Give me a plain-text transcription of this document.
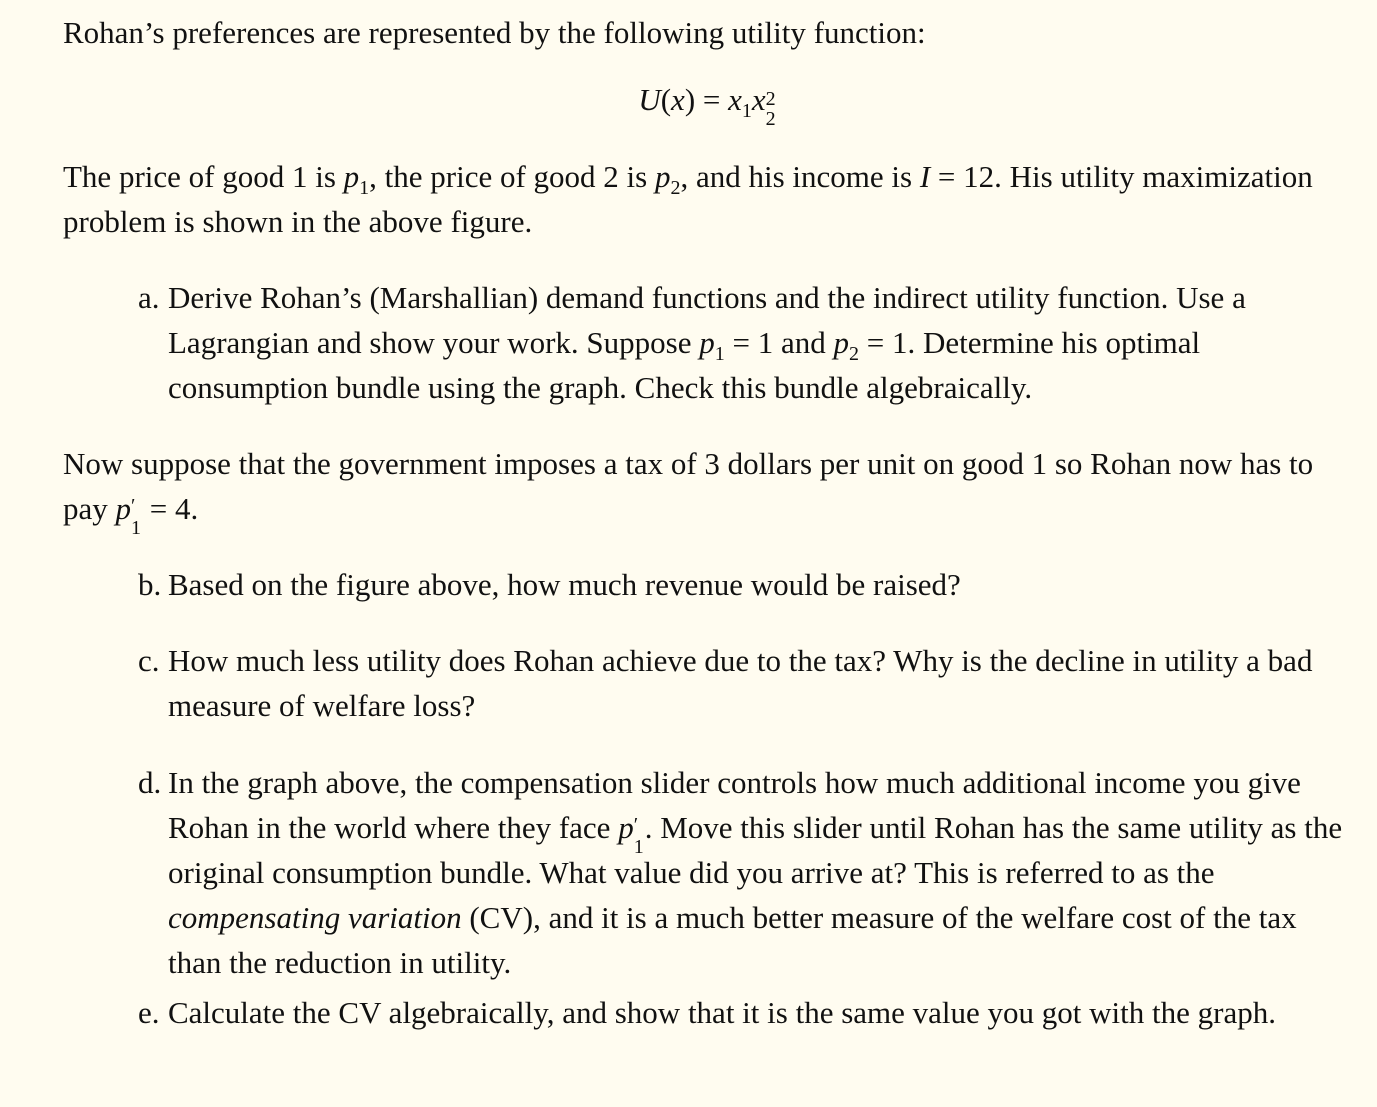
Rohan’s preferences are represented by the following utility function:

$U(x) = x_1x$ 2
2

The price of good 1 is $p_1$, the price of good 2 is $p_2$, and his income is I = 12. His utility maximization problem is shown in the above figure.

a. Derive Rohan’s (Marshallian) demand functions and the indirect utility function. Use a Lagrangian and show your work. Suppose $p_1 = 1$ and $p_2 = 1$. Determine his optimal consumption bundle using the graph. Check this bundle algebraically.

Now suppose that the government imposes a tax of 3 dollars per unit on good 1 so Rohan now has to pay p ′
1
= 4.

b. Based on the figure above, how much revenue would be raised?
c. How much less utility does Rohan achieve due to the tax? Why is the decline in utility a bad measure of welfare loss?
d. In the graph above, the compensation slider controls how much additional income you give Rohan in the world where they face p ′
1
. Move this slider until Rohan has the same utility as the original consumption bundle. What value did you arrive at? This is referred to as the compensating variation (CV), and it is a much better measure of the welfare cost of the tax than the reduction in utility.
e. Calculate the CV algebraically, and show that it is the same value you got with the graph.
